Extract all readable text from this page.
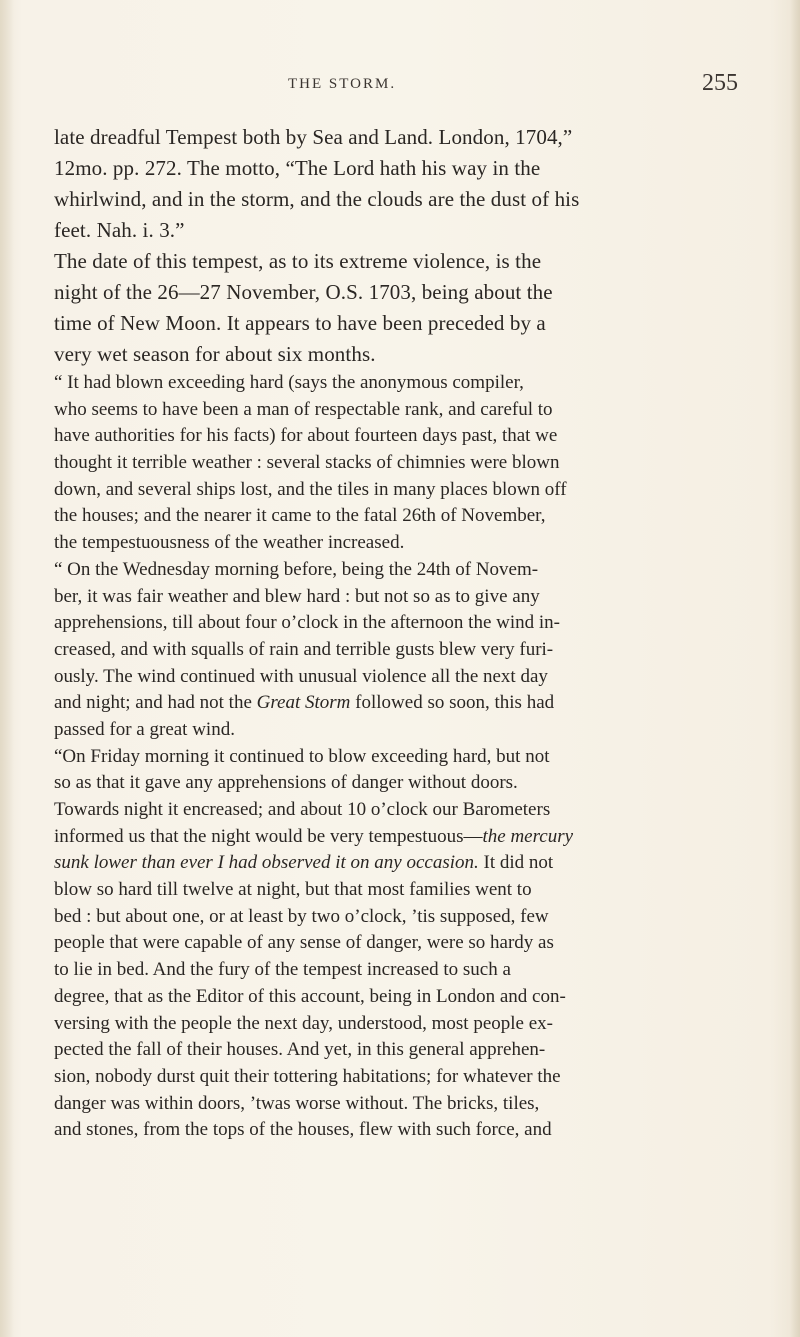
THE STORM.	255
late dreadful Tempest both by Sea and Land. London, 1704,”
12mo. pp. 272. The motto, “The Lord hath his way in the
whirlwind, and in the storm, and the clouds are the dust of his
feet. Nah. i. 3.”
The date of this tempest, as to its extreme violence, is the
night of the 26—27 November, O.S. 1703, being about the
time of New Moon. It appears to have been preceded by a
very wet season for about six months.
“ It had blown exceeding hard (says the anonymous compiler,
who seems to have been a man of respectable rank, and careful to
have authorities for his facts) for about fourteen days past, that we
thought it terrible weather : several stacks of chimnies were blown
down, and several ships lost, and the tiles in many places blown off
the houses; and the nearer it came to the fatal 26th of November,
the tempestuousness of the weather increased.
“ On the Wednesday morning before, being the 24th of Novem-
ber, it was fair weather and blew hard : but not so as to give any
apprehensions, till about four o’clock in the afternoon the wind in-
creased, and with squalls of rain and terrible gusts blew very furi-
ously. The wind continued with unusual violence all the next day
and night; and had not the Great Storm followed so soon, this had
passed for a great wind.
“On Friday morning it continued to blow exceeding hard, but not
so as that it gave any apprehensions of danger without doors.
Towards night it encreased; and about 10 o’clock our Barometers
informed us that the night would be very tempestuous—the mercury
sunk lower than ever I had observed it on any occasion. It did not
blow so hard till twelve at night, but that most families went to
bed : but about one, or at least by two o’clock, ’tis supposed, few
people that were capable of any sense of danger, were so hardy as
to lie in bed. And the fury of the tempest increased to such a
degree, that as the Editor of this account, being in London and con-
versing with the people the next day, understood, most people ex-
pected the fall of their houses. And yet, in this general apprehen-
sion, nobody durst quit their tottering habitations; for whatever the
danger was within doors, ’twas worse without. The bricks, tiles,
and stones, from the tops of the houses, flew with such force, and
